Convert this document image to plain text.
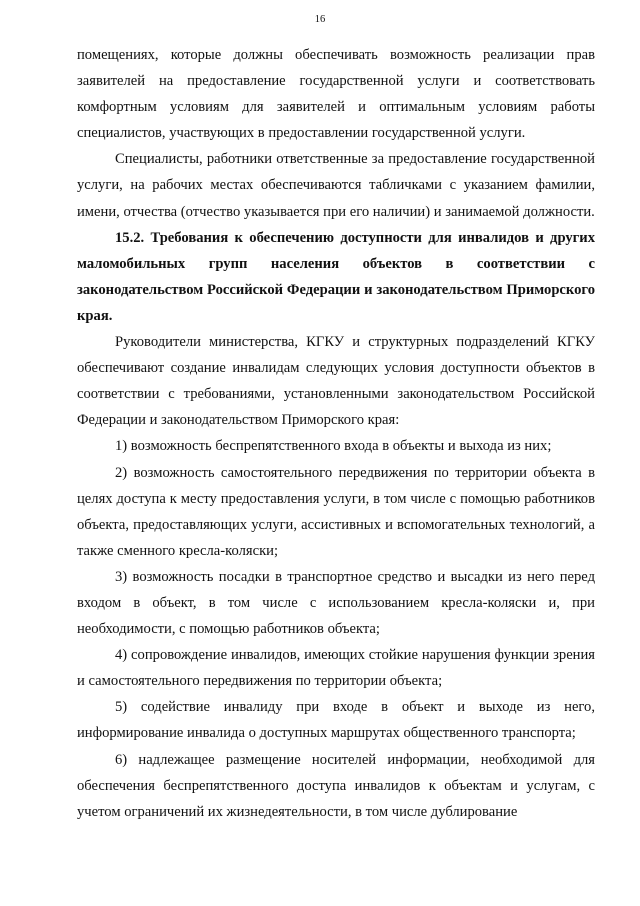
16

помещениях, которые должны обеспечивать возможность реализации прав заявителей на предоставление государственной услуги и соответствовать комфортным условиям для заявителей и оптимальным условиям работы специалистов, участвующих в предоставлении государственной услуги.

Специалисты, работники ответственные за предоставление государственной услуги, на рабочих местах обеспечиваются табличками с указанием фамилии, имени, отчества (отчество указывается при его наличии) и занимаемой должности.

15.2. Требования к обеспечению доступности для инвалидов и других маломобильных групп населения объектов в соответствии с законодательством Российской Федерации и законодательством Приморского края.

Руководители министерства, КГКУ и структурных подразделений КГКУ обеспечивают создание инвалидам следующих условия доступности объектов в соответствии с требованиями, установленными законодательством Российской Федерации и законодательством Приморского края:

1) возможность беспрепятственного входа в объекты и выхода из них;

2) возможность самостоятельного передвижения по территории объекта в целях доступа к месту предоставления услуги, в том числе с помощью работников объекта, предоставляющих услуги, ассистивных и вспомогательных технологий, а также сменного кресла-коляски;

3) возможность посадки в транспортное средство и высадки из него перед входом в объект, в том числе с использованием кресла-коляски и, при необходимости, с помощью работников объекта;

4) сопровождение инвалидов, имеющих стойкие нарушения функции зрения и самостоятельного передвижения по территории объекта;

5) содействие инвалиду при входе в объект и выходе из него, информирование инвалида о доступных маршрутах общественного транспорта;

6) надлежащее размещение носителей информации, необходимой для обеспечения беспрепятственного доступа инвалидов к объектам и услугам, с учетом ограничений их жизнедеятельности, в том числе дублирование
